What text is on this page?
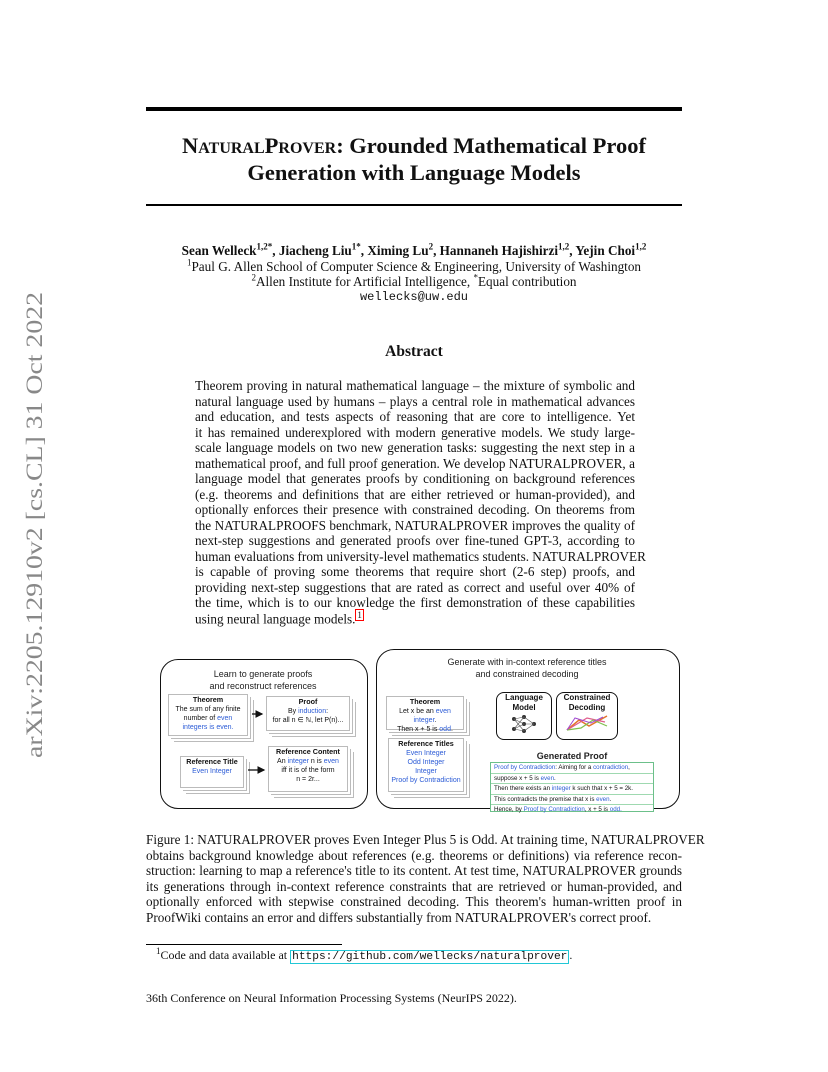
arXiv:2205.12910v2 [cs.CL] 31 Oct 2022
NaturalProver: Grounded Mathematical Proof
Generation with Language Models
Sean Welleck$^{1,2*}$, Jiacheng Liu$^{1*}$, Ximing Lu$^2$, Hannaneh Hajishirzi$^{1,2}$, Yejin Choi$^{1,2}$
$^1$Paul G. Allen School of Computer Science & Engineering, University of Washington
$^2$Allen Institute for Artificial Intelligence, *Equal contribution
wellecks@uw.edu
Abstract
Theorem proving in natural mathematical language – the mixture of symbolic and
natural language used by humans – plays a central role in mathematical advances
and education, and tests aspects of reasoning that are core to intelligence. Yet
it has remained underexplored with modern generative models. We study large-
scale language models on two new generation tasks: suggesting the next step in a
mathematical proof, and full proof generation. We develop NATURALPROVER, a
language model that generates proofs by conditioning on background references
(e.g. theorems and definitions that are either retrieved or human-provided), and
optionally enforces their presence with constrained decoding. On theorems from
the NATURALPROOFS benchmark, NATURALPROVER improves the quality of
next-step suggestions and generated proofs over fine-tuned GPT-3, according to
human evaluations from university-level mathematics students. NATURALPROVER
is capable of proving some theorems that require short (2-6 step) proofs, and
providing next-step suggestions that are rated as correct and useful over 40% of
the time, which is to our knowledge the first demonstration of these capabilities
using neural language models. $^1$
Learn to generate proofs
and reconstruct references
Theorem
The sum of any finite
number of even
integers is even.
Proof
By induction:
for all n ∈ ℕ, let P(n)...
Reference Title
Even Integer
Reference Content
An integer n is even
iff it is of the form
n = 2r...
Generate with in-context reference titles
and constrained decoding
Theorem
Let x be an even integer.
Then x + 5 is odd.
Reference Titles
Even Integer
Odd Integer
Integer
Proof by Contradiction
Language
Model
Constrained
Decoding
Generated Proof
Proof by Contradiction: Aiming for a contradiction,
suppose x + 5 is even.
Then there exists an integer k such that x + 5 = 2k.
This contradicts the premise that x is even.
Hence, by Proof by Contradiction, x + 5 is odd.
Figure 1: NATURALPROVER proves Even Integer Plus 5 is Odd. At training time, NATURALPROVER
obtains background knowledge about references (e.g. theorems or definitions) via reference recon-
struction: learning to map a reference's title to its content. At test time, NATURALPROVER grounds
its generations through in-context reference constraints that are retrieved or human-provided, and
optionally enforced with stepwise constrained decoding. This theorem's human-written proof in
ProofWiki contains an error and differs substantially from NATURALPROVER's correct proof.
$^1$Code and data available at https://github.com/wellecks/naturalprover .
36th Conference on Neural Information Processing Systems (NeurIPS 2022).
